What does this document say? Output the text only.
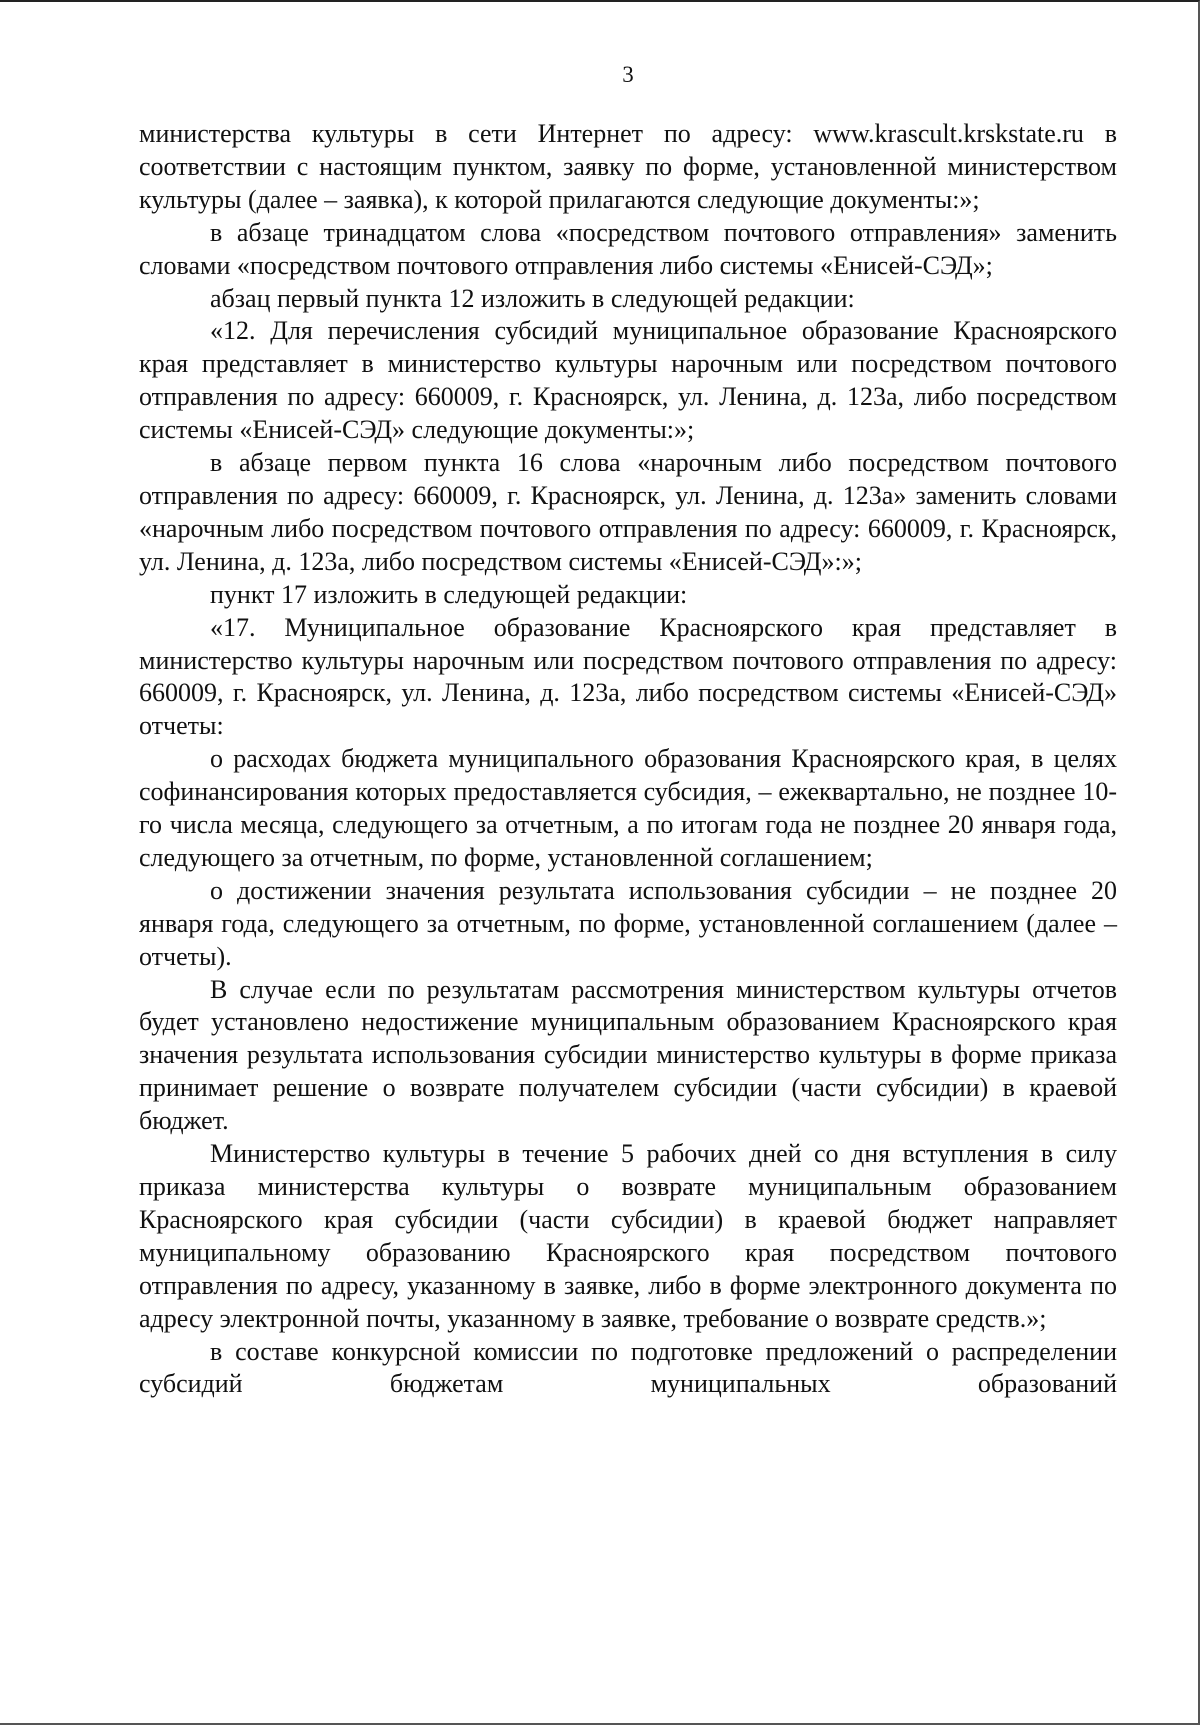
3

министерства культуры в сети Интернет по адресу: www.krascult.krskstate.ru в соответствии с настоящим пунктом, заявку по форме, установленной министерством культуры (далее – заявка), к которой прилагаются следующие документы:»;

в абзаце тринадцатом слова «посредством почтового отправления» заменить словами «посредством почтового отправления либо системы «Енисей-СЭД»;

абзац первый пункта 12 изложить в следующей редакции:

«12. Для перечисления субсидий муниципальное образование Красноярского края представляет в министерство культуры нарочным или посредством почтового отправления по адресу: 660009, г. Красноярск, ул. Ленина, д. 123а, либо посредством системы «Енисей-СЭД» следующие документы:»;

в абзаце первом пункта 16 слова «нарочным либо посредством почтового отправления по адресу: 660009, г. Красноярск, ул. Ленина, д. 123а» заменить словами «нарочным либо посредством почтового отправления по адресу: 660009, г. Красноярск, ул. Ленина, д. 123а, либо посредством системы «Енисей-СЭД»:»;

пункт 17 изложить в следующей редакции:

«17. Муниципальное образование Красноярского края представляет в министерство культуры нарочным или посредством почтового отправления по адресу: 660009, г. Красноярск, ул. Ленина, д. 123а, либо посредством системы «Енисей-СЭД» отчеты:

о расходах бюджета муниципального образования Красноярского края, в целях софинансирования которых предоставляется субсидия, – ежеквартально, не позднее 10-го числа месяца, следующего за отчетным, а по итогам года не позднее 20 января года, следующего за отчетным, по форме, установленной соглашением;

о достижении значения результата использования субсидии – не позднее 20 января года, следующего за отчетным, по форме, установленной соглашением (далее – отчеты).

В случае если по результатам рассмотрения министерством культуры отчетов будет установлено недостижение муниципальным образованием Красноярского края значения результата использования субсидии министерство культуры в форме приказа принимает решение о возврате получателем субсидии (части субсидии) в краевой бюджет.

Министерство культуры в течение 5 рабочих дней со дня вступления в силу приказа министерства культуры о возврате муниципальным образованием Красноярского края субсидии (части субсидии) в краевой бюджет направляет муниципальному образованию Красноярского края посредством почтового отправления по адресу, указанному в заявке, либо в форме электронного документа по адресу электронной почты, указанному в заявке, требование о возврате средств.»;

в составе конкурсной комиссии по подготовке предложений о распределении субсидий бюджетам муниципальных образований
